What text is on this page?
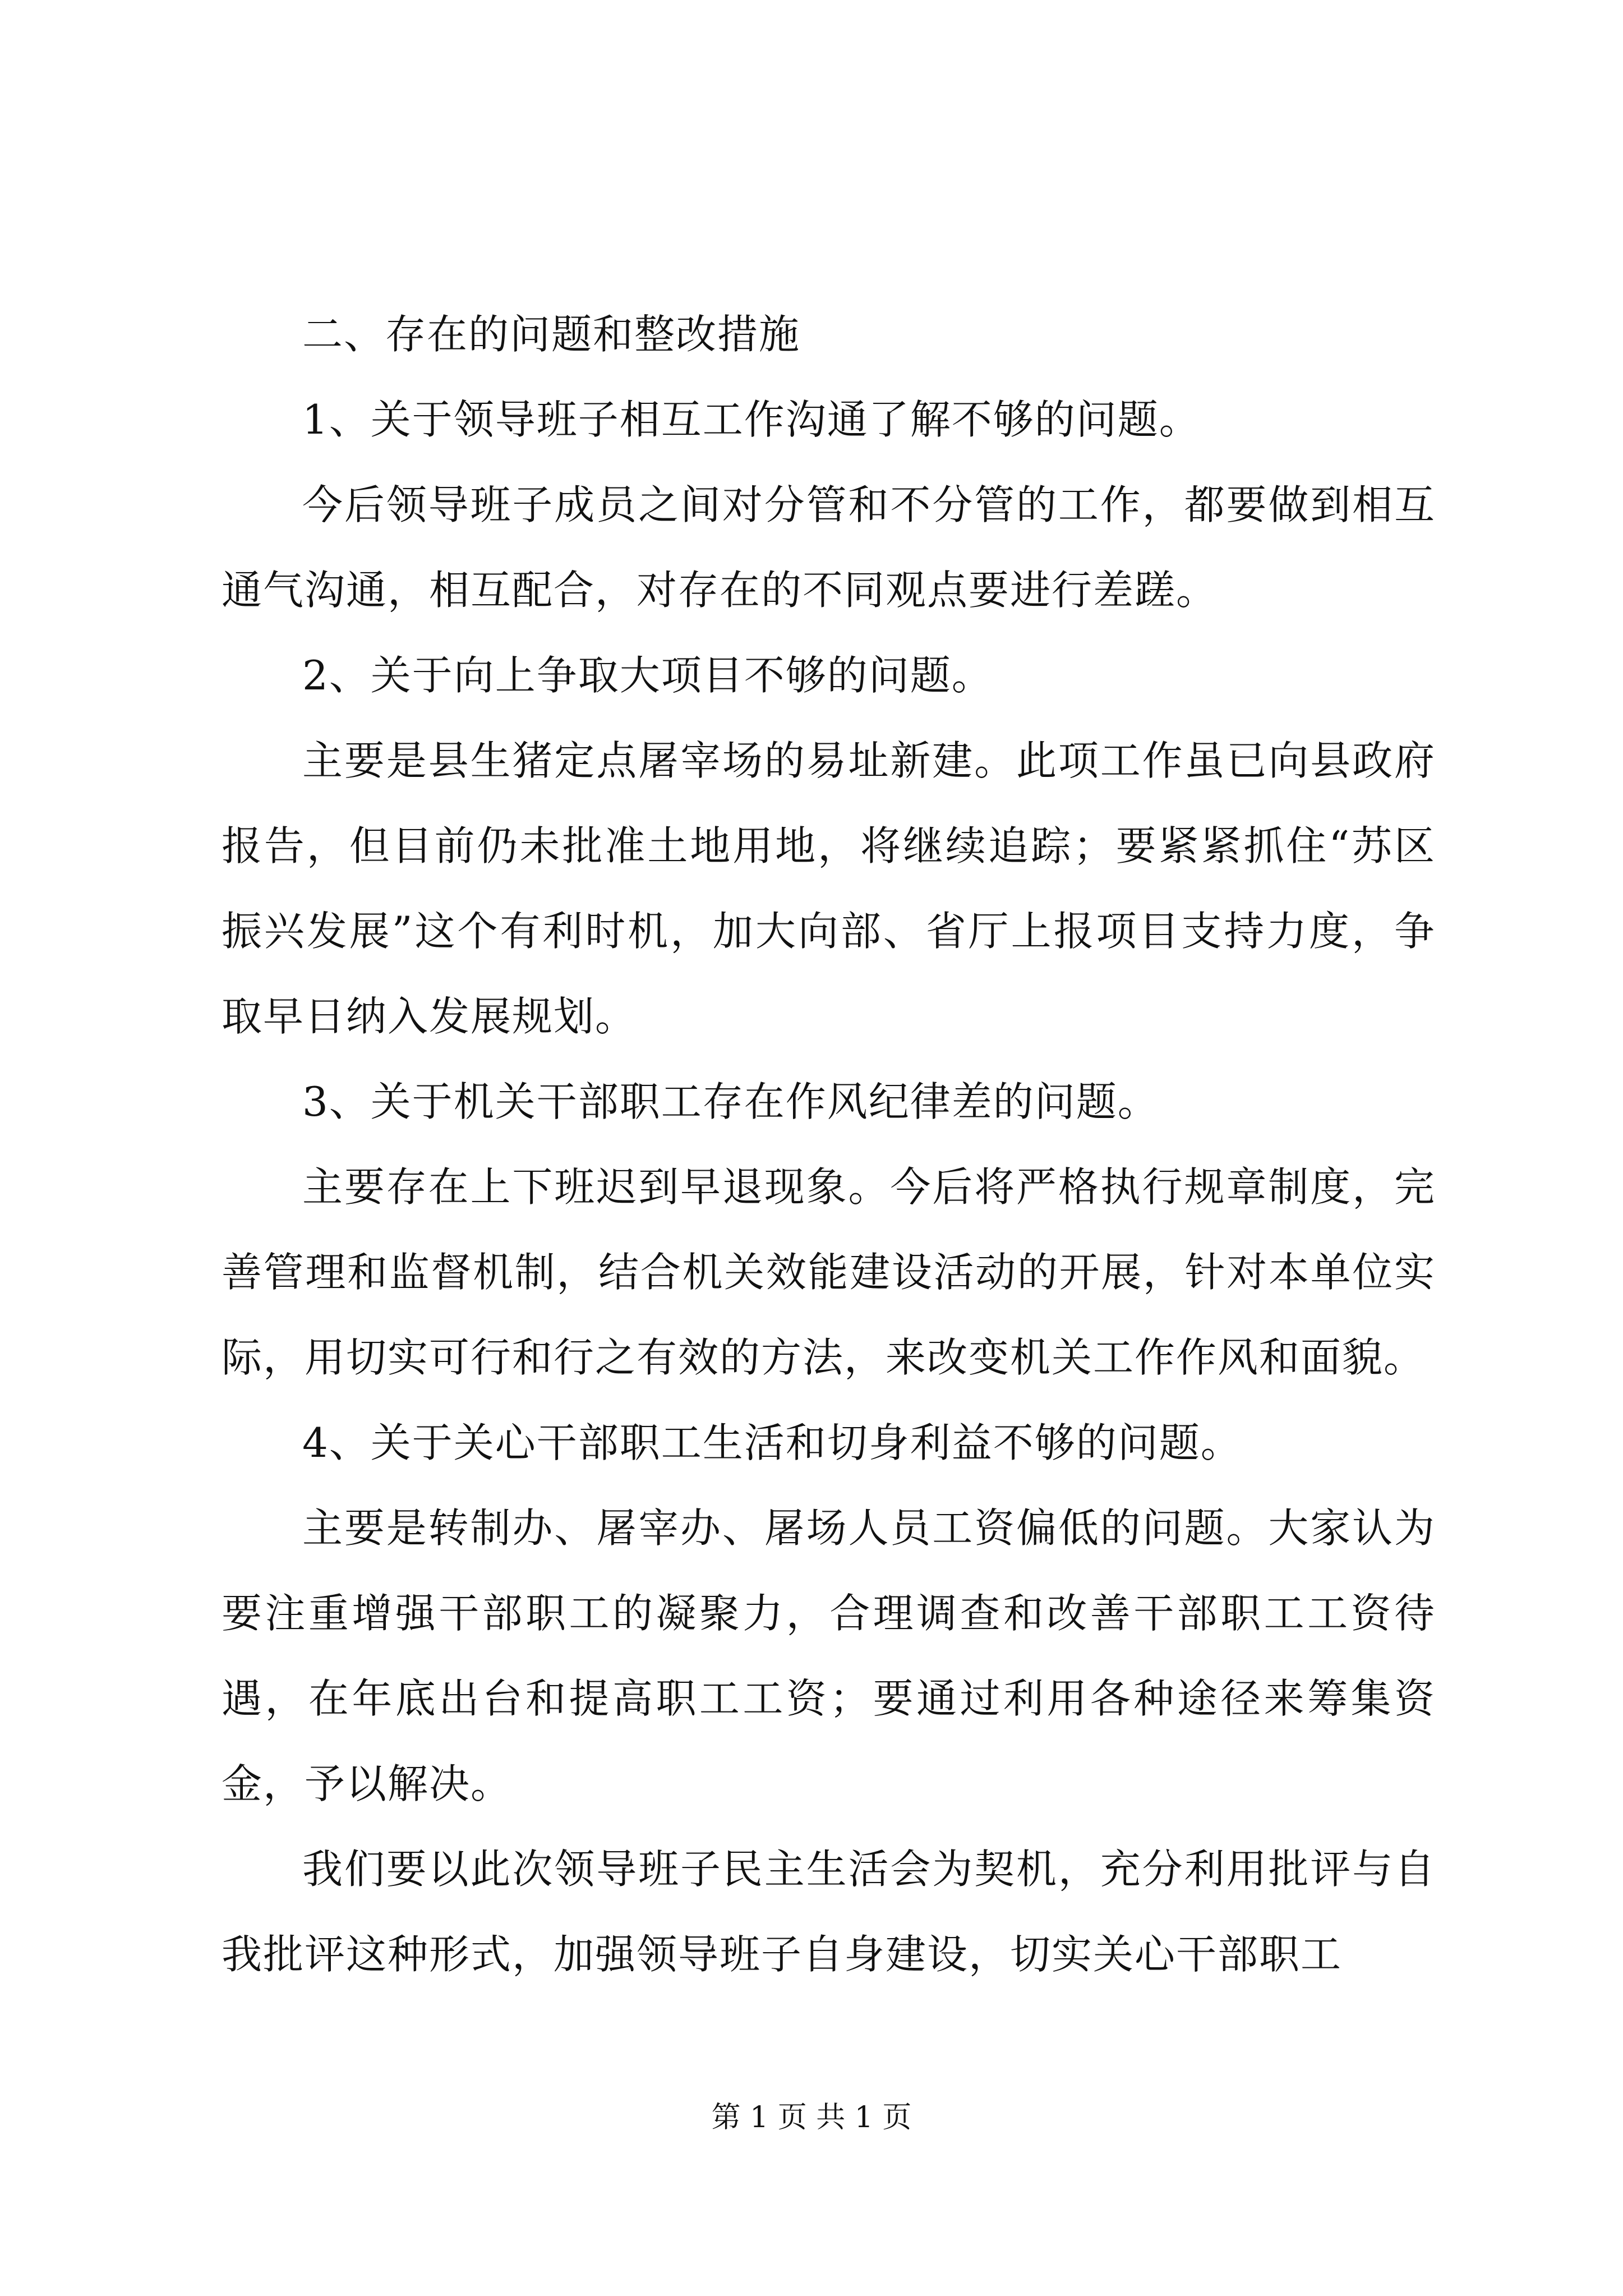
二、存在的问题和整改措施

1、关于领导班子相互工作沟通了解不够的问题。

今后领导班子成员之间对分管和不分管的工作，都要做到相互通气沟通，相互配合，对存在的不同观点要进行差蹉。

2、关于向上争取大项目不够的问题。

主要是县生猪定点屠宰场的易址新建。此项工作虽已向县政府报告，但目前仍未批准土地用地，将继续追踪；要紧紧抓住“苏区振兴发展”这个有利时机，加大向部、省厅上报项目支持力度，争取早日纳入发展规划。

3、关于机关干部职工存在作风纪律差的问题。

主要存在上下班迟到早退现象。今后将严格执行规章制度，完善管理和监督机制，结合机关效能建设活动的开展，针对本单位实际，用切实可行和行之有效的方法，来改变机关工作作风和面貌。

4、关于关心干部职工生活和切身利益不够的问题。

主要是转制办、屠宰办、屠场人员工资偏低的问题。大家认为要注重增强干部职工的凝聚力，合理调查和改善干部职工工资待遇，在年底出台和提高职工工资；要通过利用各种途径来筹集资金，予以解决。

我们要以此次领导班子民主生活会为契机，充分利用批评与自我批评这种形式，加强领导班子自身建设，切实关心干部职工

第 1 页 共 1 页
